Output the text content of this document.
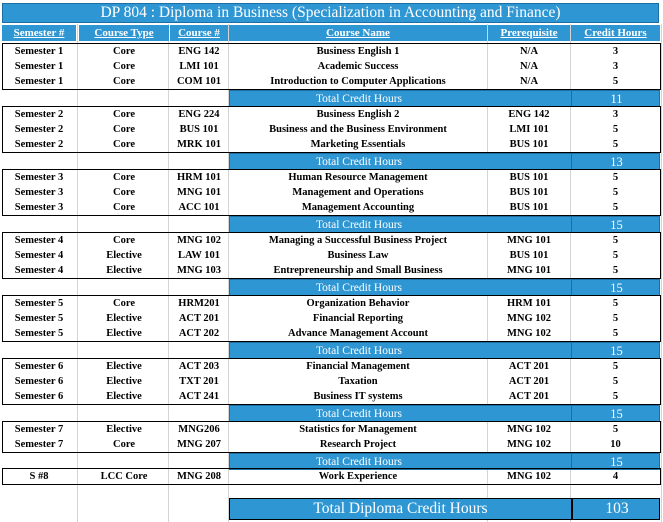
DP 804 : Diploma in Business (Specialization in Accounting and Finance)
Semester #	Course Type	Course #	Course Name	Prerequisite	Credit Hours
Semester 1	Core	ENG 142	Business English 1	N/A	3
Semester 1	Core	LMI 101	Academic Success	N/A	3
Semester 1	Core	COM 101	Introduction to Computer Applications	N/A	5
Total Credit Hours	11
Semester 2	Core	ENG 224	Business English 2	ENG 142	3
Semester 2	Core	BUS 101	Business and the Business Environment	LMI 101	5
Semester 2	Core	MRK 101	Marketing Essentials	BUS 101	5
Total Credit Hours	13
Semester 3	Core	HRM 101	Human Resource Management	BUS 101	5
Semester 3	Core	MNG 101	Management and Operations	BUS 101	5
Semester 3	Core	ACC 101	Management Accounting	BUS 101	5
Total Credit Hours	15
Semester 4	Core	MNG 102	Managing a Successful Business Project	MNG 101	5
Semester 4	Elective	LAW 101	Business Law	BUS 101	5
Semester 4	Elective	MNG 103	Entrepreneurship and Small Business	MNG 101	5
Total Credit Hours	15
Semester 5	Core	HRM201	Organization Behavior	HRM 101	5
Semester 5	Elective	ACT 201	Financial Reporting	MNG 102	5
Semester 5	Elective	ACT 202	Advance Management Account	MNG 102	5
Total Credit Hours	15
Semester 6	Elective	ACT 203	Financial Management	ACT 201	5
Semester 6	Elective	TXT 201	Taxation	ACT 201	5
Semester 6	Elective	ACT 241	Business IT systems	ACT 201	5
Total Credit Hours	15
Semester 7	Elective	MNG206	Statistics for Management	MNG 102	5
Semester 7	Core	MNG 207	Research Project	MNG 102	10
Total Credit Hours	15
S #8	LCC Core	MNG 208	Work Experience	MNG 102	4
Total Diploma Credit Hours	103
